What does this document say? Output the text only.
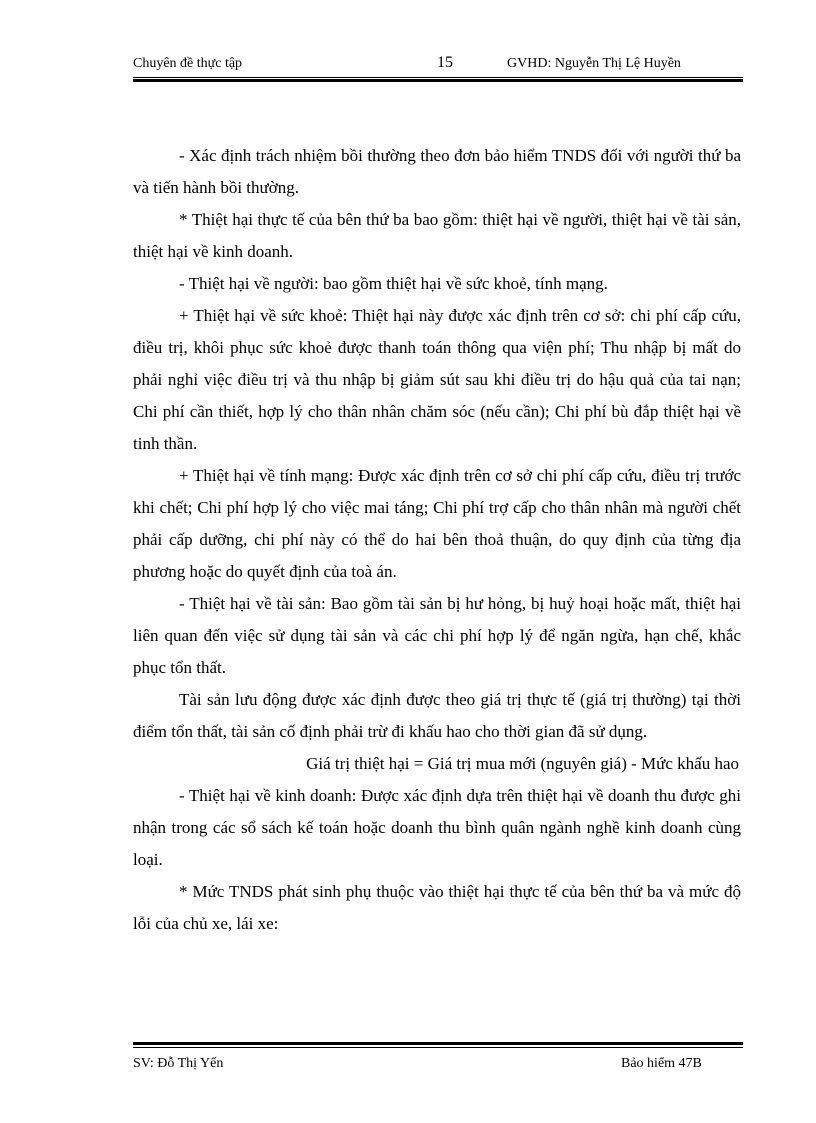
Chuyên đề thực tập	15	GVHD: Nguyễn Thị Lệ Huyền

- Xác định trách nhiệm bồi thường theo đơn bảo hiểm TNDS đối với người thứ ba và tiến hành bồi thường.

* Thiệt hại thực tế của bên thứ ba bao gồm: thiệt hại về người, thiệt hại về tài sản, thiệt hại về kinh doanh.

- Thiệt hại về người: bao gồm thiệt hại về sức khoẻ, tính mạng.

+ Thiệt hại về sức khoẻ: Thiệt hại này được xác định trên cơ sở: chi phí cấp cứu, điều trị, khôi phục sức khoẻ được thanh toán thông qua viện phí; Thu nhập bị mất do phải nghỉ việc điều trị và thu nhập bị giảm sút sau khi điều trị do hậu quả của tai nạn; Chi phí cần thiết, hợp lý cho thân nhân chăm sóc (nếu cần); Chi phí bù đắp thiệt hại về tinh thần.

+ Thiệt hại về tính mạng: Được xác định trên cơ sở chi phí cấp cứu, điều trị trước khi chết; Chi phí hợp lý cho việc mai táng; Chi phí trợ cấp cho thân nhân mà người chết phải cấp dưỡng, chi phí này có thể do hai bên thoả thuận, do quy định của từng địa phương hoặc do quyết định của toà án.

- Thiệt hại về tài sản: Bao gồm tài sản bị hư hỏng, bị huỷ hoại hoặc mất, thiệt hại liên quan đến việc sử dụng tài sản và các chi phí hợp lý để ngăn ngừa, hạn chế, khắc phục tổn thất.

Tài sản lưu động được xác định được theo giá trị thực tế (giá trị thường) tại thời điểm tổn thất, tài sản cố định phải trừ đi khấu hao cho thời gian đã sử dụng.

Giá trị thiệt hại = Giá trị mua mới (nguyên giá) - Mức khấu hao

- Thiệt hại về kinh doanh: Được xác định dựa trên thiệt hại về doanh thu được ghi nhận trong các sổ sách kế toán hoặc doanh thu bình quân ngành nghề kinh doanh cùng loại.

* Mức TNDS phát sinh phụ thuộc vào thiệt hại thực tế của bên thứ ba và mức độ lỗi của chủ xe, lái xe:

SV: Đỗ Thị Yến	Bảo hiểm 47B
